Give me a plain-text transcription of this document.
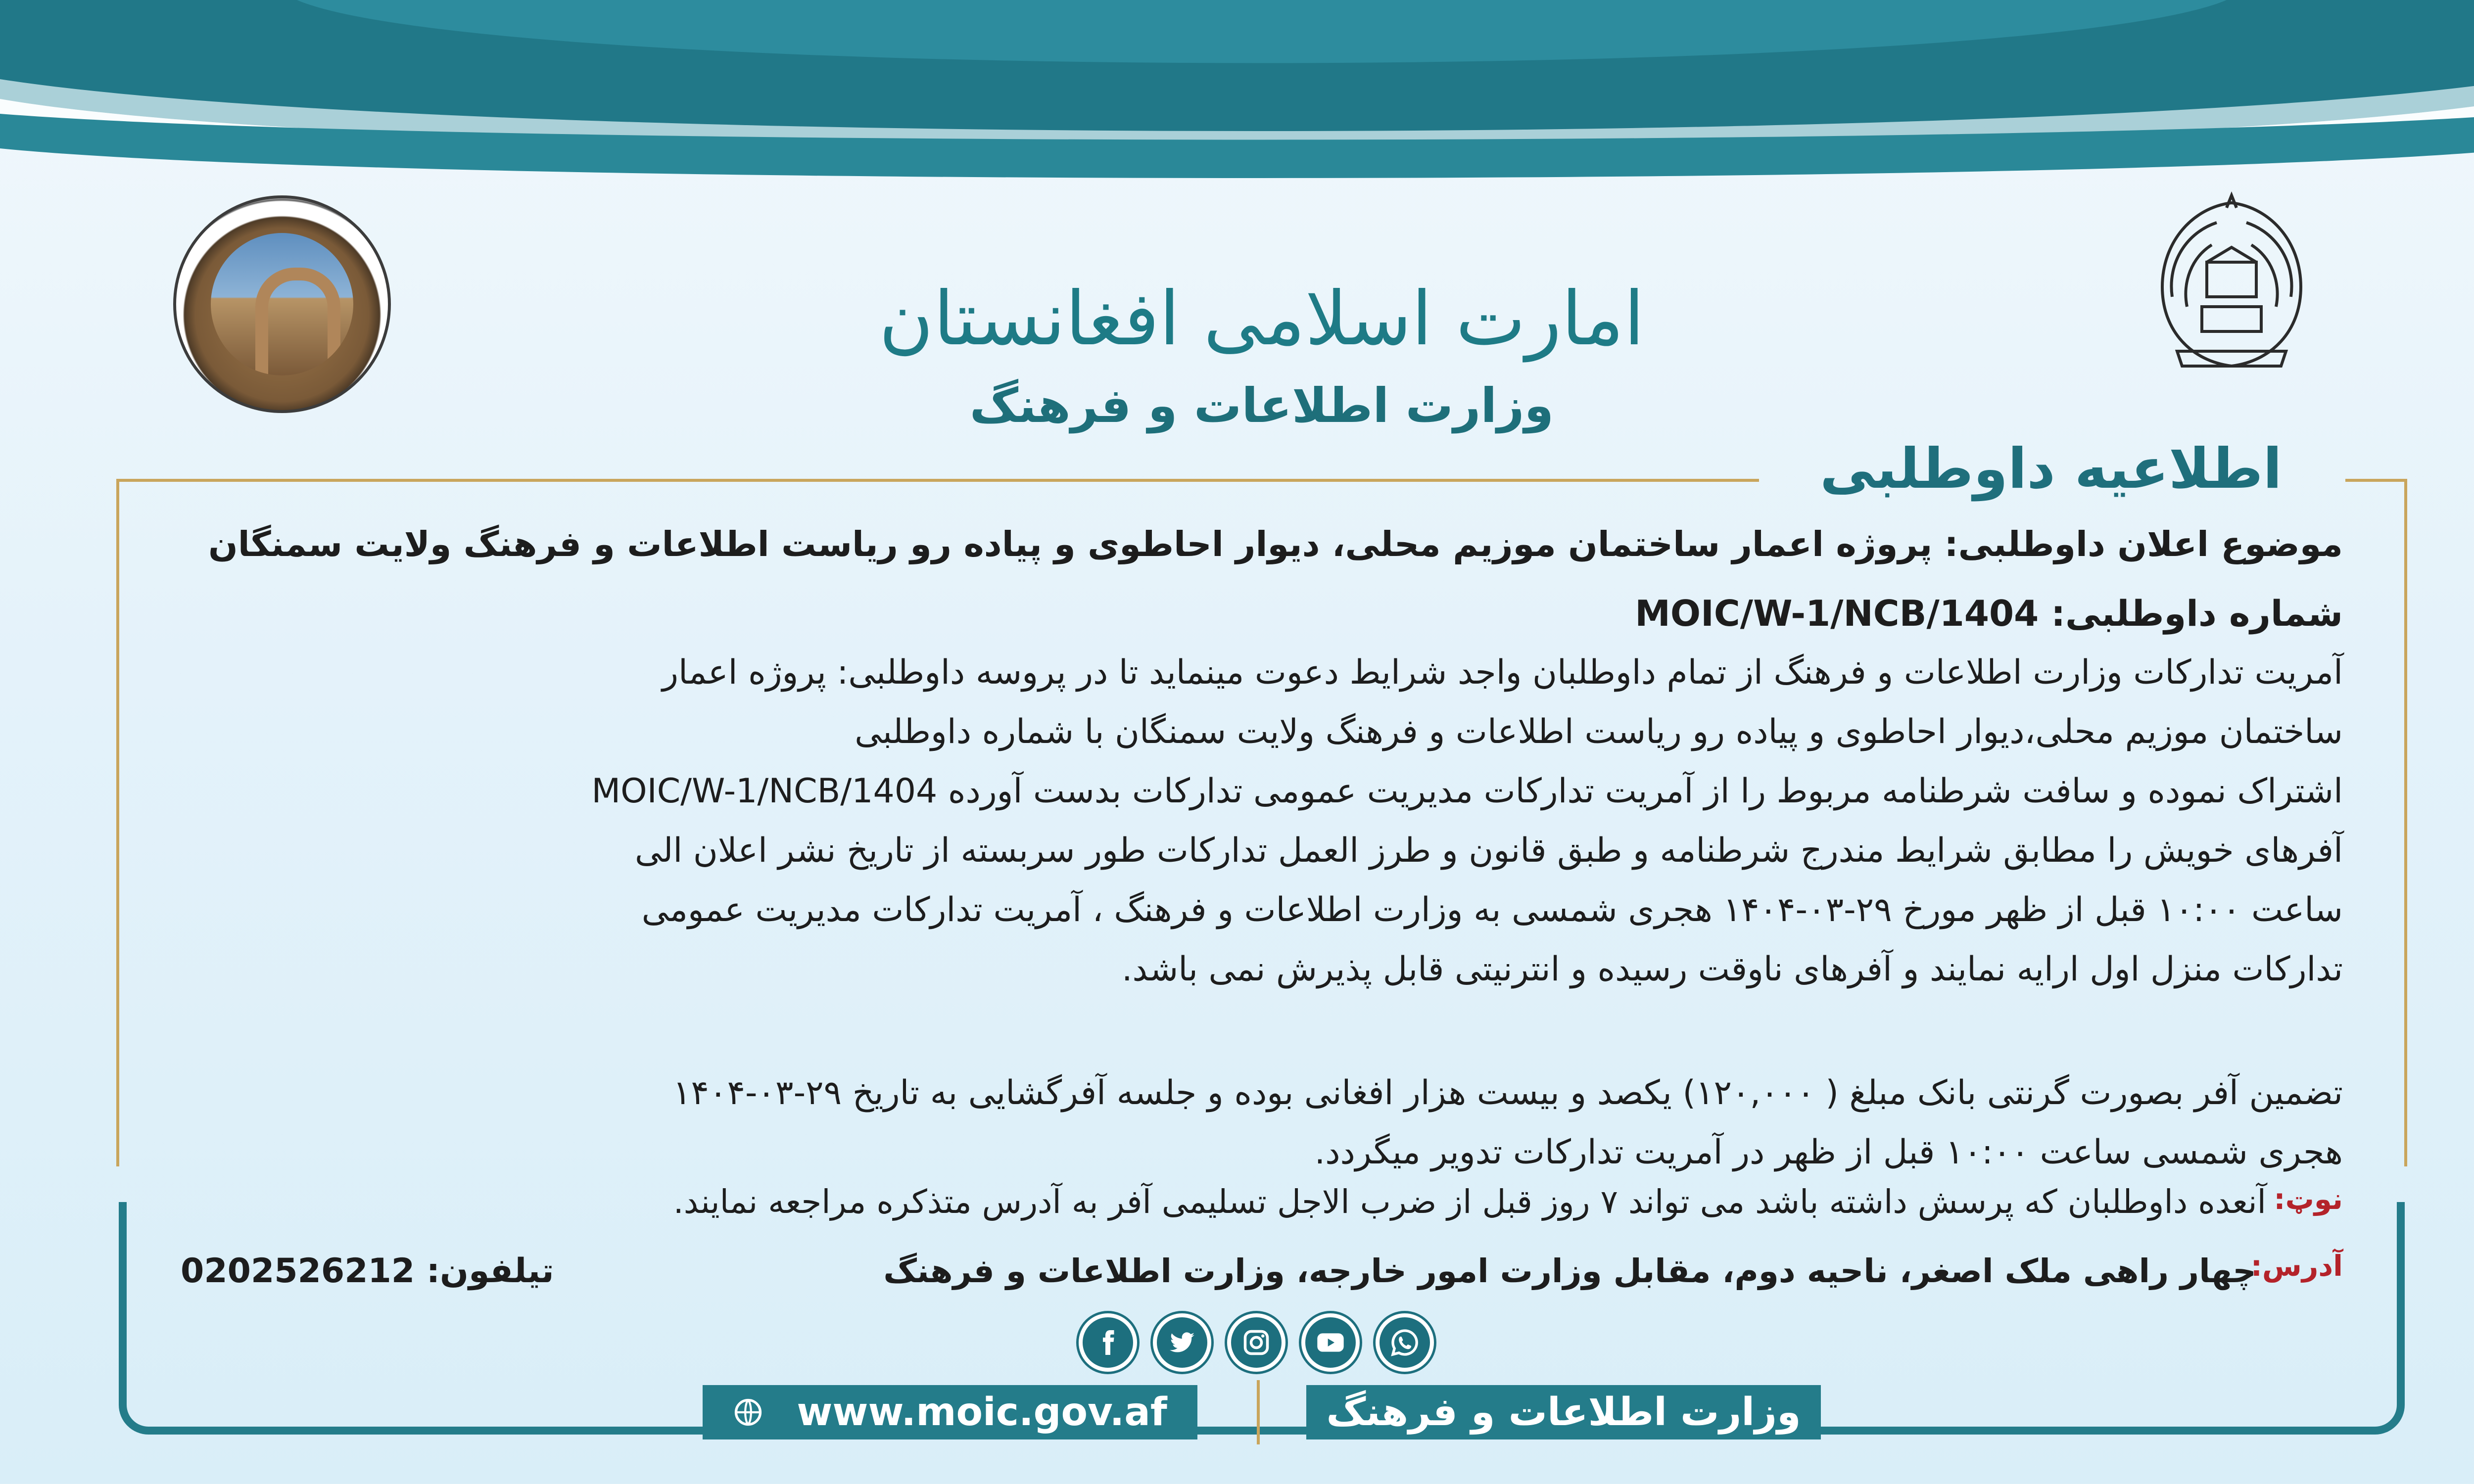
امارت اسلامی افغانستان
وزارت اطلاعات و فرهنگ
اطلاعیه داوطلبی
موضوع اعلان داوطلبی: پروژه اعمار ساختمان موزیم محلی، دیوار احاطوی و پیاده رو ریاست اطلاعات و فرهنگ ولایت سمنگان
شماره داوطلبی: MOIC/W-1/NCB/1404
آمریت تدارکات وزارت اطلاعات و فرهنگ از تمام داوطلبان واجد شرایط دعوت مینماید تا در پروسه داوطلبی: پروژه اعمار
ساختمان موزیم محلی،دیوار احاطوی و پیاده رو ریاست اطلاعات و فرهنگ ولایت سمنگان با شماره داوطلبی
MOIC/W-1/NCB/1404 اشتراک نموده و سافت شرطنامه مربوط را از آمریت تدارکات مدیریت عمومی تدارکات بدست آورده
آفرهای خویش را مطابق شرایط مندرج شرطنامه و طبق قانون و طرز العمل تدارکات طور سربسته از تاریخ نشر اعلان الی
ساعت ۱۰:۰۰ قبل از ظهر مورخ ۲۹-۰۳-۱۴۰۴ هجری شمسی به وزارت اطلاعات و فرهنگ ، آمریت تدارکات مدیریت عمومی
تدارکات منزل اول ارایه نمایند و آفرهای ناوقت رسیده و انترنیتی قابل پذیرش نمی باشد.
تضمین آفر بصورت گرنتی بانک مبلغ ( ۱۲۰,۰۰۰) یکصد و بیست هزار افغانی بوده و جلسه آفرگشایی به تاریخ ۲۹-۰۳-۱۴۰۴
هجری شمسی ساعت ۱۰:۰۰ قبل از ظهر در آمریت تدارکات تدویر میگردد.
نوټ:
آنعده داوطلبان که پرسش داشته باشد می تواند ۷ روز قبل از ضرب الاجل تسلیمی آفر به آدرس متذکره مراجعه نمایند.
آدرس:
چهار راهی ملک اصغر، ناحیه دوم، مقابل وزارت امور خارجه، وزارت اطلاعات و فرهنگ
تیلفون: 0202526212
www.moic.gov.af	وزارت اطلاعات و فرهنگ
